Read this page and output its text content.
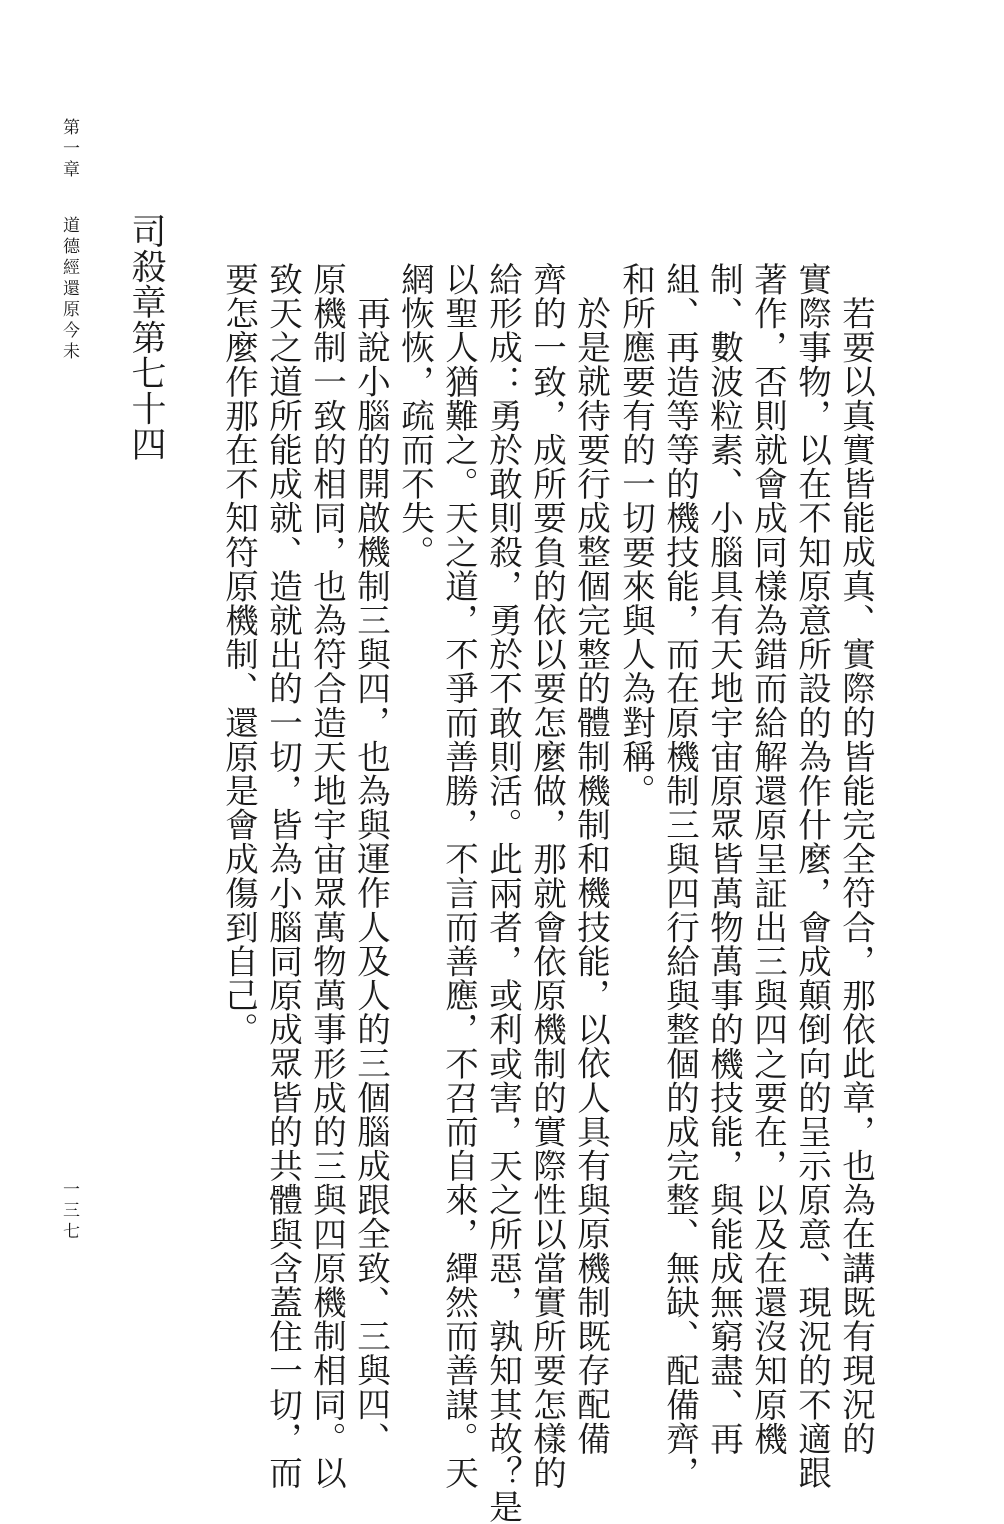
第一章
道德經還原今未
一三七
司殺章第七十四	若要以真實皆能成真、實際的皆能完全符合，那依此章，也為在講既有現況的
實際事物，以在不知原意所設的為作什麼，會成顛倒向的呈示原意、現況的不適跟
著作，否則就會成同樣為錯而給解還原呈証出三與四之要在，以及在還沒知原機
制、數波粒素、小腦具有天地宇宙原眾皆萬物萬事的機技能，與能成無窮盡、再
組、再造等等的機技能，而在原機制三與四行給與整個的成完整、無缺、配備齊，
和所應要有的一切要來與人為對稱。
於是就待要行成整個完整的體制機制和機技能，以依人具有與原機制既存配備
齊的一致，成所要負的依以要怎麼做，那就會依原機制的實際性以當實所要怎樣的
給形成：勇於敢則殺，勇於不敢則活。此兩者，或利或害，天之所惡，孰知其故？是
以聖人猶難之。天之道，不爭而善勝，不言而善應，不召而自來，繟然而善謀。天
網恢恢，疏而不失。
再說小腦的開啟機制三與四，也為與運作人及人的三個腦成跟全致、三與四、
原機制一致的相同，也為符合造天地宇宙眾萬物萬事形成的三與四原機制相同。以
致天之道所能成就、造就出的一切，皆為小腦同原成眾皆的共體與含蓋住一切，而
要怎麼作那在不知符原機制、還原是會成傷到自己。
